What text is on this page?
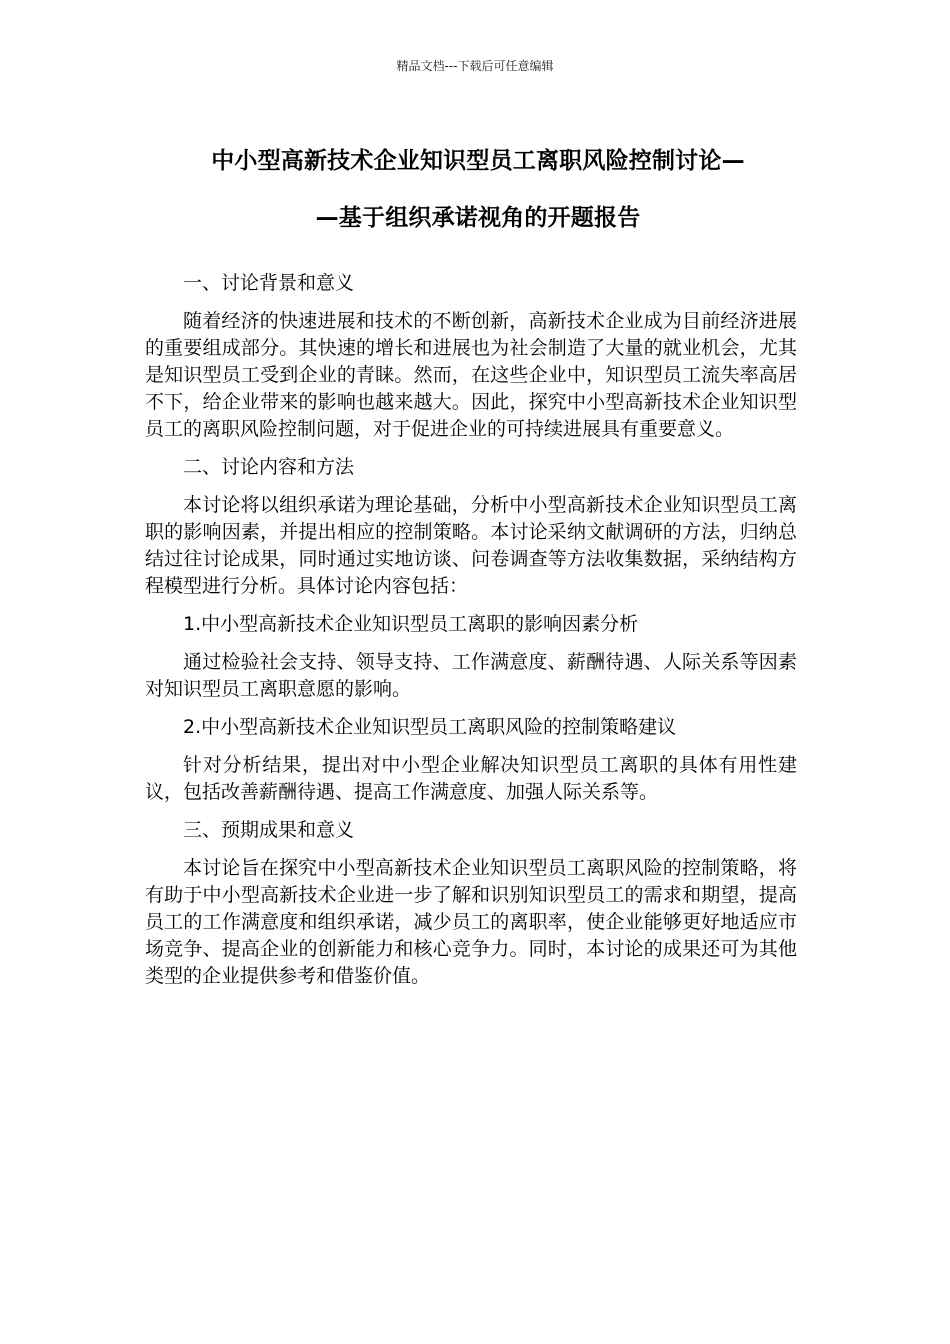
精品文档---下载后可任意编辑
中小型高新技术企业知识型员工离职风险控制讨论—
—基于组织承诺视角的开题报告

一、讨论背景和意义

随着经济的快速进展和技术的不断创新，高新技术企业成为目前经济进展的重要组成部分。其快速的增长和进展也为社会制造了大量的就业机会，尤其是知识型员工受到企业的青睐。然而，在这些企业中，知识型员工流失率高居不下，给企业带来的影响也越来越大。因此，探究中小型高新技术企业知识型员工的离职风险控制问题，对于促进企业的可持续进展具有重要意义。

二、讨论内容和方法

本讨论将以组织承诺为理论基础，分析中小型高新技术企业知识型员工离职的影响因素，并提出相应的控制策略。本讨论采纳文献调研的方法，归纳总结过往讨论成果，同时通过实地访谈、问卷调查等方法收集数据，采纳结构方程模型进行分析。具体讨论内容包括：

1.中小型高新技术企业知识型员工离职的影响因素分析

通过检验社会支持、领导支持、工作满意度、薪酬待遇、人际关系等因素对知识型员工离职意愿的影响。

2.中小型高新技术企业知识型员工离职风险的控制策略建议

针对分析结果，提出对中小型企业解决知识型员工离职的具体有用性建议，包括改善薪酬待遇、提高工作满意度、加强人际关系等。

三、预期成果和意义

本讨论旨在探究中小型高新技术企业知识型员工离职风险的控制策略，将有助于中小型高新技术企业进一步了解和识别知识型员工的需求和期望，提高员工的工作满意度和组织承诺，减少员工的离职率，使企业能够更好地适应市场竞争、提高企业的创新能力和核心竞争力。同时，本讨论的成果还可为其他类型的企业提供参考和借鉴价值。
